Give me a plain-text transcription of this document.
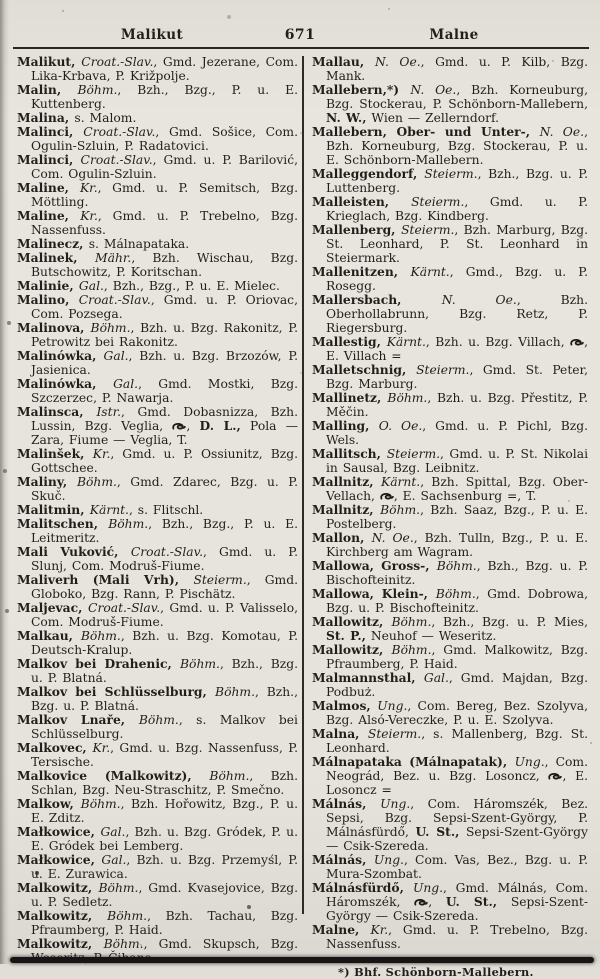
Malikut	671	Malne

Malikut, Croat.-Slav., Gmd. Jezerane, Com. Lika-Krbava, P. Križpolje.

Malin, Böhm., Bzh., Bzg., P. u. E. Kuttenberg.

Malina, s. Malom.

Malinci, Croat.-Slav., Gmd. Sošice, Com. Ogulin-Szluin, P. Radatovici.

Malinci, Croat.-Slav., Gmd. u. P. Barilović, Com. Ogulin-Szluin.

Maline, Kr., Gmd. u. P. Semitsch, Bzg. Möttling.

Maline, Kr., Gmd. u. P. Trebelno, Bzg. Nassenfuss.

Malinecz, s. Málnapataka.

Malinek, Mähr., Bzh. Wischau, Bzg. Butschowitz, P. Koritschan.

Malinie, Gal., Bzh., Bzg., P. u. E. Mielec.

Malino, Croat.-Slav., Gmd. u. P. Oriovac, Com. Pozsega.

Malinova, Böhm., Bzh. u. Bzg. Rakonitz, P. Petrowitz bei Rakonitz.

Malinówka, Gal., Bzh. u. Bzg. Brzozów, P. Jasienica.

Malinówka, Gal., Gmd. Mostki, Bzg. Szczerzec, P. Nawarja.

Malinsca, Istr., Gmd. Dobasnizza, Bzh. Lussin, Bzg. Veglia,
, D. L., Pola — Zara, Fiume — Veglia, T.

Malinšek, Kr., Gmd. u. P. Ossiunitz, Bzg. Gottschee.

Maliny, Böhm., Gmd. Zdarec, Bzg. u. P. Skuč.

Malitmin, Kärnt., s. Flitschl.

Malitschen, Böhm., Bzh., Bzg., P. u. E. Leitmeritz.

Mali Vuković, Croat.-Slav., Gmd. u. P. Slunj, Com. Modruš-Fiume.

Maliverh (Mali Vrh), Steierm., Gmd. Globoko, Bzg. Rann, P. Pischätz.

Maljevac, Croat.-Slav., Gmd. u. P. Valisselo, Com. Modruš-Fiume.

Malkau, Böhm., Bzh. u. Bzg. Komotau, P. Deutsch-Kralup.

Malkov bei Drahenic, Böhm., Bzh., Bzg. u. P. Blatná.

Malkov bei Schlüsselburg, Böhm., Bzh., Bzg. u. P. Blatná.

Malkov Lnaře, Böhm., s. Malkov bei Schlüsselburg.

Malkovec, Kr., Gmd. u. Bzg. Nassenfuss, P. Tersische.

Malkovice (Malkowitz), Böhm., Bzh. Schlan, Bzg. Neu-Straschitz, P. Smečno.

Malkow, Böhm., Bzh. Hořowitz, Bzg., P. u. E. Zditz.

Małkowice, Gal., Bzh. u. Bzg. Gródek, P. u. E. Gródek bei Lemberg.

Małkowice, Gal., Bzh. u. Bzg. Przemyśl, P. u. E. Zurawica.

Malkowitz, Böhm., Gmd. Kvasejovice, Bzg. u. P. Sedletz.

Malkowitz, Böhm., Bzh. Tachau, Bzg. Pfraumberg, P. Haid.

Malkowitz, Böhm., Gmd. Skupsch, Bzg.

Mallau, N. Oe., Gmd. u. P. Kilb, Bzg. Mank.

Mallebern,*) N. Oe., Bzh. Korneuburg, Bzg. Stockerau, P. Schönborn-Mallebern, N. W., Wien — Zellerndorf.

Mallebern, Ober- und Unter-, N. Oe., Bzh. Korneuburg, Bzg. Stockerau, P. u. E. Schönborn-Mallebern.

Malleggendorf, Steierm., Bzh., Bzg. u. P. Luttenberg.

Malleisten, Steierm., Gmd. u. P. Krieglach, Bzg. Kindberg.

Mallenberg, Steierm., Bzh. Marburg, Bzg. St. Leonhard, P. St. Leonhard in Steiermark.

Mallenitzen, Kärnt., Gmd., Bzg. u. P. Rosegg.

Mallersbach, N. Oe., Bzh. Oberhollabrunn, Bzg. Retz, P. Riegersburg.

Mallestig, Kärnt., Bzh. u. Bzg. Villach,
, E. Villach =

Malletschnig, Steierm., Gmd. St. Peter, Bzg. Marburg.

Mallinetz, Böhm., Bzh. u. Bzg. Přestitz, P. Měčin.

Malling, O. Oe., Gmd. u. P. Pichl, Bzg. Wels.

Mallitsch, Steierm., Gmd. u. P. St. Nikolai in Sausal, Bzg. Leibnitz.

Mallnitz, Kärnt., Bzh. Spittal, Bzg. Ober-Vellach,
, E. Sachsenburg =, T.

Mallnitz, Böhm., Bzh. Saaz, Bzg., P. u. E. Postelberg.

Mallon, N. Oe., Bzh. Tulln, Bzg., P. u. E. Kirchberg am Wagram.

Mallowa, Gross-, Böhm., Bzh., Bzg. u. P. Bischofteinitz.

Mallowa, Klein-, Böhm., Gmd. Dobrowa, Bzg. u. P. Bischofteinitz.

Mallowitz, Böhm., Bzh., Bzg. u. P. Mies, St. P., Neuhof — Weseritz.

Mallowitz, Böhm., Gmd. Malkowitz, Bzg. Pfraumberg, P. Haid.

Malmannsthal, Gal., Gmd. Majdan, Bzg. Podbuż.

Malmos, Ung., Com. Bereg, Bez. Szolyva, Bzg. Alsó-Vereczke, P. u. E. Szolyva.

Malna, Steierm., s. Mallenberg, Bzg. St. Leonhard.

Málnapataka (Málnapatak), Ung., Com. Neográd, Bez. u. Bzg. Losoncz,
, E. Losoncz =

Málnás, Ung., Com. Háromszék, Bez. Sepsi, Bzg. Sepsi-Szent-György, P. Málnásfürdő, U. St., Sepsi-Szent-György — Csik-Szereda.

Málnás, Ung., Com. Vas, Bez., Bzg. u. P. Mura-Szombat.

Málnásfürdő, Ung., Gmd. Málnás, Com. Háromszék,
, U. St., Sepsi-Szent-György — Csik-Szereda.

Malne, Kr., Gmd. u. P. Trebelno, Bzg. Nassenfuss.

*) Bhf. Schönborn-Mallebern.
